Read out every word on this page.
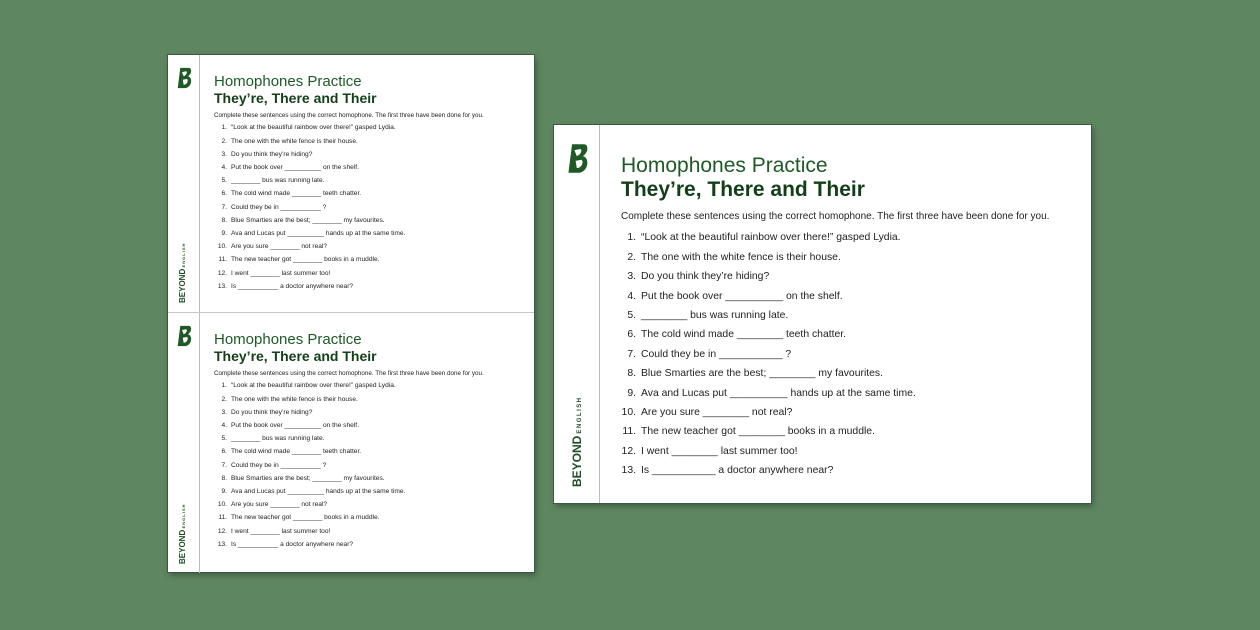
BEYONDENGLISH
Homophones Practice
They’re, There and Their

Complete these sentences using the correct homophone. The first three have been done for you.

1. “Look at the beautiful rainbow over there!” gasped Lydia.
2. The one with the white fence is their house.
3. Do you think they’re hiding?
4. Put the book over __________ on the shelf.
5. ________ bus was running late.
6. The cold wind made ________ teeth chatter.
7. Could they be in ___________ ?
8. Blue Smarties are the best; ________ my favourites.
9. Ava and Lucas put __________ hands up at the same time.
10. Are you sure ________ not real?
11. The new teacher got ________ books in a muddle.
12. I went ________ last summer too!
13. Is ___________ a doctor anywhere near?
BEYONDENGLISH
Homophones Practice
They’re, There and Their

Complete these sentences using the correct homophone. The first three have been done for you.

1. “Look at the beautiful rainbow over there!” gasped Lydia.
2. The one with the white fence is their house.
3. Do you think they’re hiding?
4. Put the book over __________ on the shelf.
5. ________ bus was running late.
6. The cold wind made ________ teeth chatter.
7. Could they be in ___________ ?
8. Blue Smarties are the best; ________ my favourites.
9. Ava and Lucas put __________ hands up at the same time.
10. Are you sure ________ not real?
11. The new teacher got ________ books in a muddle.
12. I went ________ last summer too!
13. Is ___________ a doctor anywhere near?
BEYONDENGLISH
Homophones Practice
They’re, There and Their

Complete these sentences using the correct homophone. The first three have been done for you.

1. “Look at the beautiful rainbow over there!” gasped Lydia.
2. The one with the white fence is their house.
3. Do you think they’re hiding?
4. Put the book over __________ on the shelf.
5. ________ bus was running late.
6. The cold wind made ________ teeth chatter.
7. Could they be in ___________ ?
8. Blue Smarties are the best; ________ my favourites.
9. Ava and Lucas put __________ hands up at the same time.
10. Are you sure ________ not real?
11. The new teacher got ________ books in a muddle.
12. I went ________ last summer too!
13. Is ___________ a doctor anywhere near?
